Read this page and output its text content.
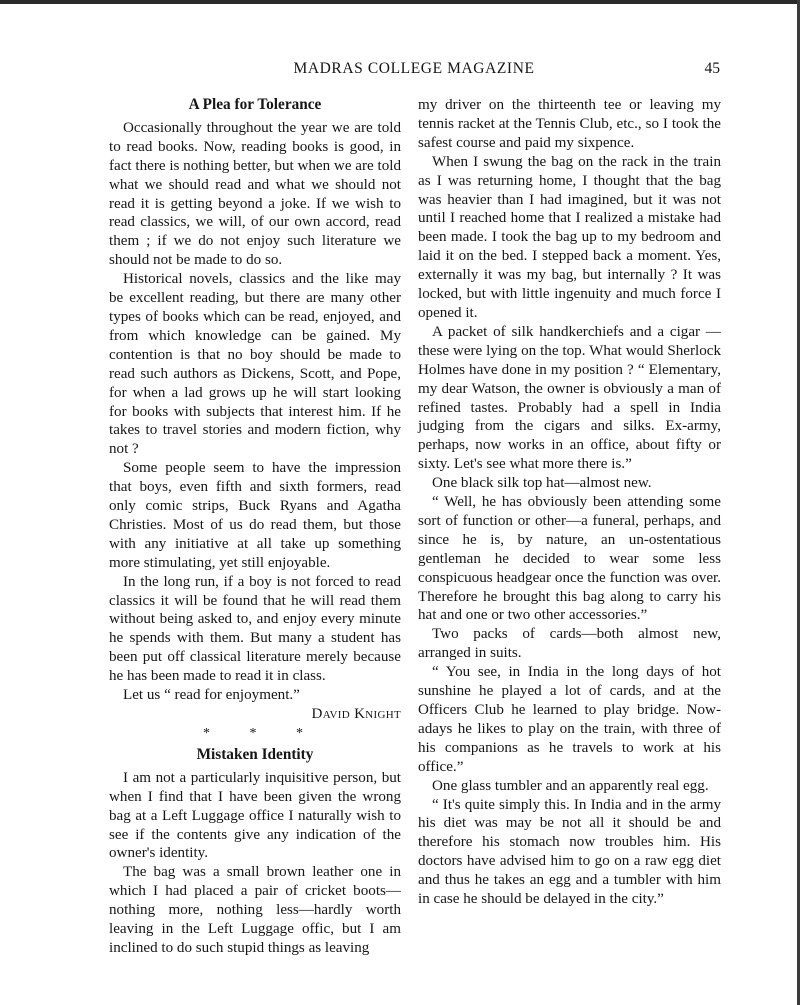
MADRAS COLLEGE MAGAZINE	45
A Plea for Tolerance

Occasionally throughout the year we are told to read books. Now, reading books is good, in fact there is nothing better, but when we are told what we should read and what we should not read it is getting beyond a joke. If we wish to read classics, we will, of our own accord, read them ; if we do not enjoy such literature we should not be made to do so.

Historical novels, classics and the like may be excellent reading, but there are many other types of books which can be read, enjoyed, and from which knowledge can be gained. My contention is that no boy should be made to read such authors as Dickens, Scott, and Pope, for when a lad grows up he will start looking for books with subjects that interest him. If he takes to travel stories and modern fiction, why not ?

Some people seem to have the impression that boys, even fifth and sixth formers, read only comic strips, Buck Ryans and Agatha Christies. Most of us do read them, but those with any initiative at all take up something more stimulating, yet still enjoyable.

In the long run, if a boy is not forced to read classics it will be found that he will read them without being asked to, and enjoy every minute he spends with them. But many a student has been put off classical literature merely because he has been made to read it in class.

Let us “ read for enjoyment.”

David Knight
* * *
Mistaken Identity

I am not a particularly inquisitive person, but when I find that I have been given the wrong bag at a Left Luggage office I naturally wish to see if the contents give any indication of the owner's identity.

The bag was a small brown leather one in which I had placed a pair of cricket boots— nothing more, nothing less—hardly worth leaving in the Left Luggage offic, but I am inclined to do such stupid things as leaving

my driver on the thirteenth tee or leaving my tennis racket at the Tennis Club, etc., so I took the safest course and paid my sixpence.

When I swung the bag on the rack in the train as I was returning home, I thought that the bag was heavier than I had imagined, but it was not until I reached home that I realized a mistake had been made. I took the bag up to my bedroom and laid it on the bed. I stepped back a moment. Yes, externally it was my bag, but internally ? It was locked, but with little ingenuity and much force I opened it.

A packet of silk handkerchiefs and a cigar —these were lying on the top. What would Sherlock Holmes have done in my position ? “ Elementary, my dear Watson, the owner is obviously a man of refined tastes. Probably had a spell in India judging from the cigars and silks. Ex-army, perhaps, now works in an office, about fifty or sixty. Let's see what more there is.”

One black silk top hat—almost new.

“ Well, he has obviously been attending some sort of function or other—a funeral, perhaps, and since he is, by nature, an un-ostentatious gentleman he decided to wear some less conspicuous headgear once the function was over. Therefore he brought this bag along to carry his hat and one or two other accessories.”

Two packs of cards—both almost new, arranged in suits.

“ You see, in India in the long days of hot sunshine he played a lot of cards, and at the Officers Club he learned to play bridge. Now-adays he likes to play on the train, with three of his companions as he travels to work at his office.”

One glass tumbler and an apparently real egg.

“ It's quite simply this. In India and in the army his diet was may be not all it should be and therefore his stomach now troubles him. His doctors have advised him to go on a raw egg diet and thus he takes an egg and a tumbler with him in case he should be delayed in the city.”
